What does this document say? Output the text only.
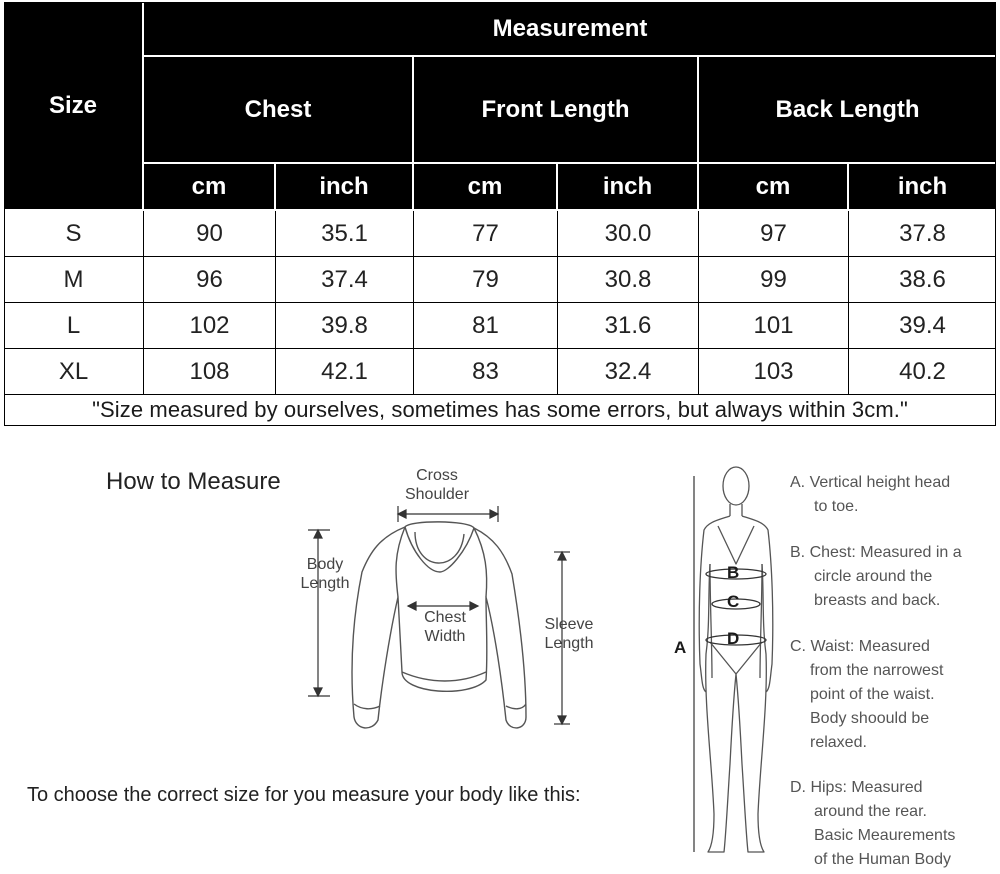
Size
Measurement
Chest	Front Length	Back Length
cm	inch	cm	inch	cm	inch
S	90	35.1	77	30.0	97	37.8
M	96	37.4	79	30.8	99	38.6
L	102	39.8	81	31.6	101	39.4
XL	108	42.1	83	32.4	103	40.2
"Size measured by ourselves, sometimes has some errors, but always within 3cm."
How to Measure
To choose the correct size for you measure your body like this:
Cross
Shoulder
Body
Length
Chest
Width
Sleeve
Length	A
B
C
D
A. Vertical height head
to toe.
B. Chest: Measured in a
circle around the
breasts and back.
C. Waist: Measured
from the narrowest
point of the waist.
Body shoould be
relaxed.
D. Hips: Measured
around the rear.
Basic Meaurements
of the Human Body
